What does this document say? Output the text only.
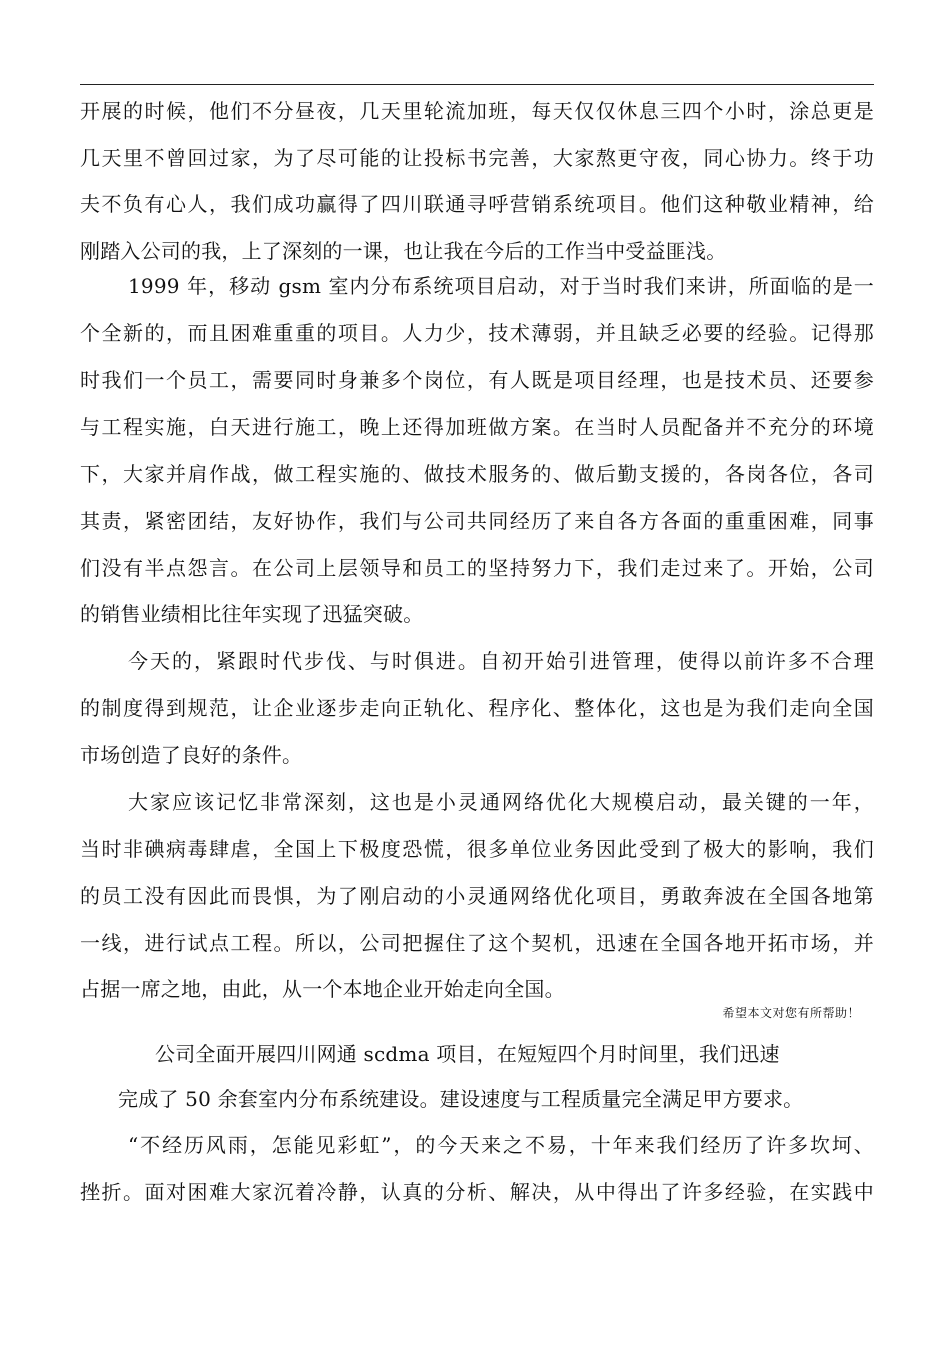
开展的时候，他们不分昼夜，几天里轮流加班，每天仅仅休息三四个小时，涂总更是
几天里不曾回过家，为了尽可能的让投标书完善，大家熬更守夜，同心协力。终于功
夫不负有心人，我们成功赢得了四川联通寻呼营销系统项目。他们这种敬业精神，给
刚踏入公司的我，上了深刻的一课，也让我在今后的工作当中受益匪浅。
1999 年，移动 gsm 室内分布系统项目启动，对于当时我们来讲，所面临的是一
个全新的，而且困难重重的项目。人力少，技术薄弱，并且缺乏必要的经验。记得那
时我们一个员工，需要同时身兼多个岗位，有人既是项目经理，也是技术员、还要参
与工程实施，白天进行施工，晚上还得加班做方案。在当时人员配备并不充分的环境
下，大家并肩作战，做工程实施的、做技术服务的、做后勤支援的，各岗各位，各司
其责，紧密团结，友好协作，我们与公司共同经历了来自各方各面的重重困难，同事
们没有半点怨言。在公司上层领导和员工的坚持努力下，我们走过来了。开始，公司
的销售业绩相比往年实现了迅猛突破。
今天的，紧跟时代步伐、与时俱进。自初开始引进管理，使得以前许多不合理
的制度得到规范，让企业逐步走向正轨化、程序化、整体化，这也是为我们走向全国
市场创造了良好的条件。
大家应该记忆非常深刻，这也是小灵通网络优化大规模启动，最关键的一年，
当时非碘病毒肆虐，全国上下极度恐慌，很多单位业务因此受到了极大的影响，我们
的员工没有因此而畏惧，为了刚启动的小灵通网络优化项目，勇敢奔波在全国各地第
一线，进行试点工程。所以，公司把握住了这个契机，迅速在全国各地开拓市场，并
占据一席之地，由此，从一个本地企业开始走向全国。
希望本文对您有所帮助！
公司全面开展四川网通 scdma 项目，在短短四个月时间里，我们迅速
完成了 50 余套室内分布系统建设。建设速度与工程质量完全满足甲方要求。
“不经历风雨，怎能见彩虹”，的今天来之不易，十年来我们经历了许多坎坷、
挫折。面对困难大家沉着冷静，认真的分析、解决，从中得出了许多经验，在实践中
